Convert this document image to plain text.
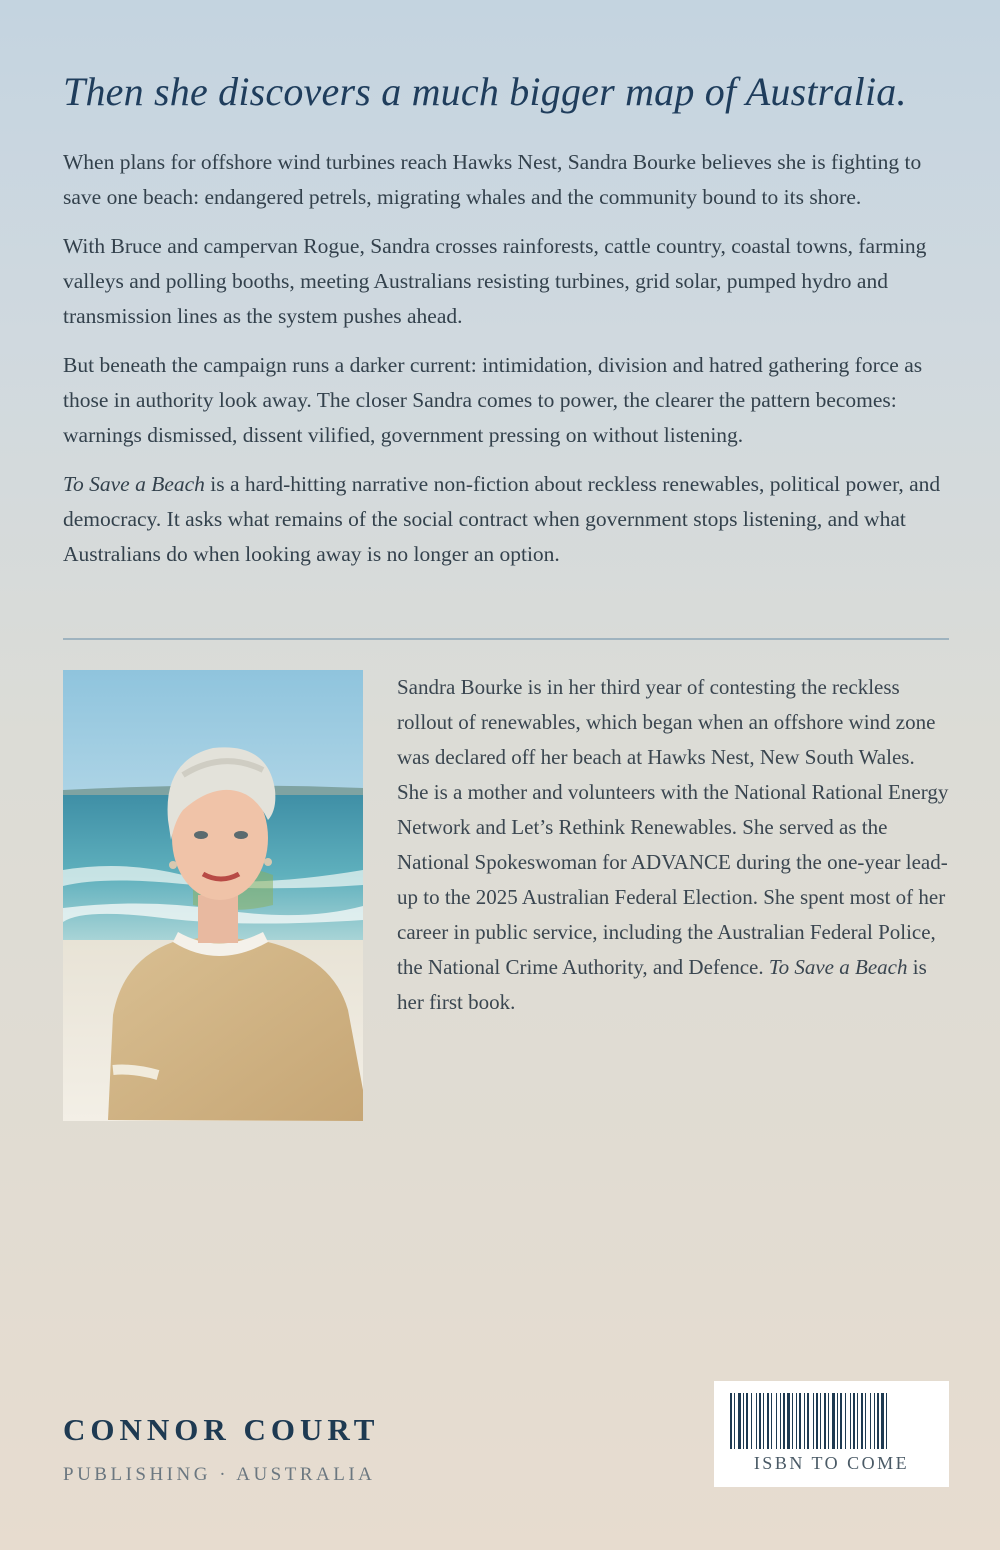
Then she discovers a much bigger map of Australia.

When plans for offshore wind turbines reach Hawks Nest, Sandra Bourke believes she is fighting to save one beach: endangered petrels, migrating whales and the community bound to its shore.

With Bruce and campervan Rogue, Sandra crosses rainforests, cattle country, coastal towns, farming valleys and polling booths, meeting Australians resisting turbines, grid solar, pumped hydro and transmission lines as the system pushes ahead.

But beneath the campaign runs a darker current: intimidation, division and hatred gathering force as those in authority look away. The closer Sandra comes to power, the clearer the pattern becomes: warnings dismissed, dissent vilified, government pressing on without listening.

To Save a Beach is a hard-hitting narrative non-fiction about reckless renewables, political power, and democracy. It asks what remains of the social contract when government stops listening, and what Australians do when looking away is no longer an option.

Sandra Bourke is in her third year of contesting the reckless rollout of renewables, which began when an offshore wind zone was declared off her beach at Hawks Nest, New South Wales. She is a mother and volunteers with the National Rational Energy Network and Let’s Rethink Renewables. She served as the National Spokeswoman for ADVANCE during the one-year lead-up to the 2025 Australian Federal Election. She spent most of her career in public service, including the Australian Federal Police, the National Crime Authority, and Defence. To Save a Beach is her first book.

CONNOR COURT
PUBLISHING · AUSTRALIA
ISBN TO COME
